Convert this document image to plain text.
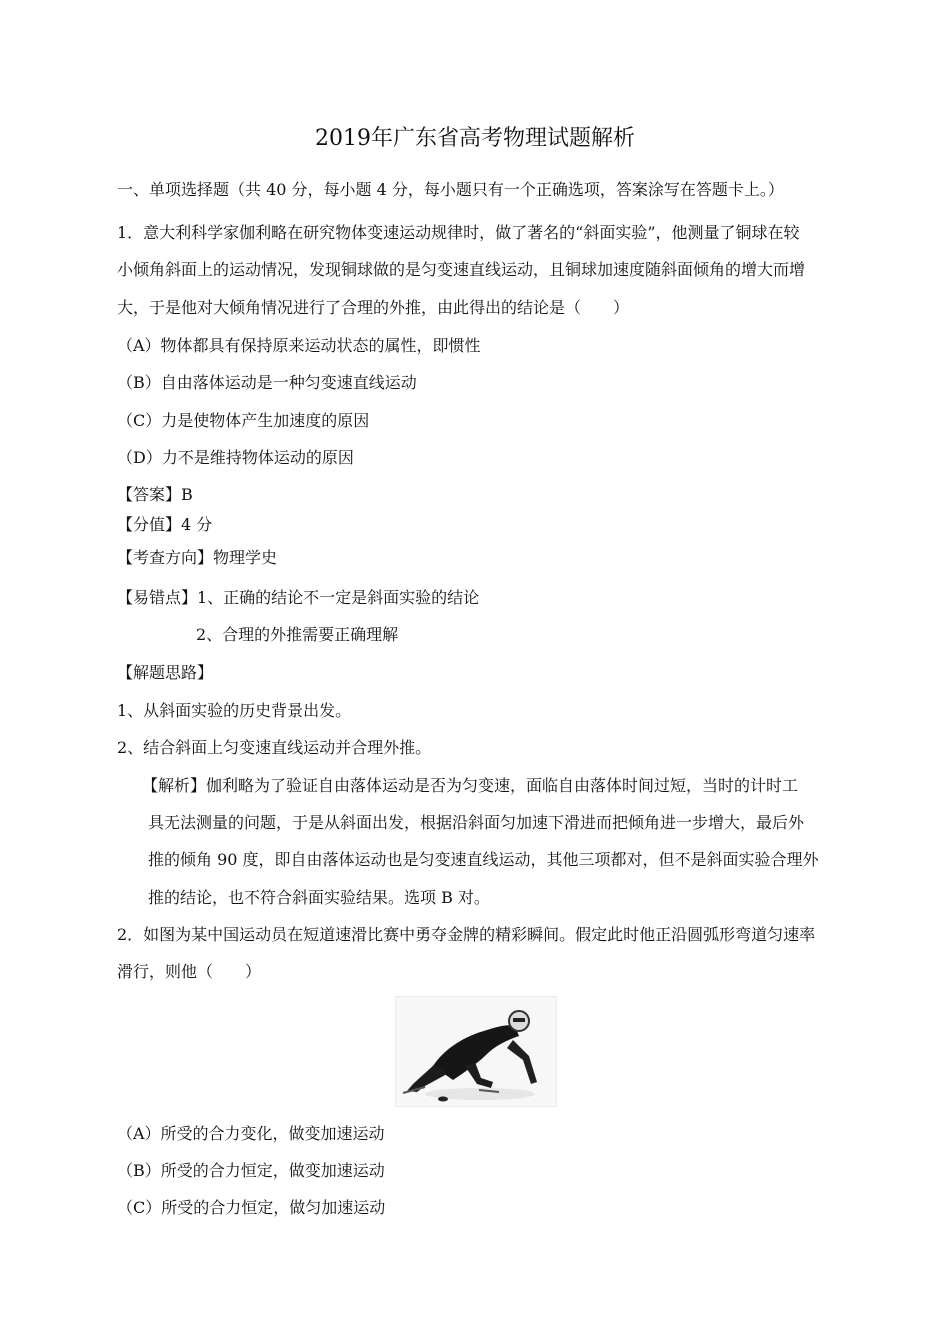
2019年广东省高考物理试题解析
一、单项选择题（共 40 分，每小题 4 分，每小题只有一个正确选项，答案涂写在答题卡上。）
1．意大利科学家伽利略在研究物体变速运动规律时，做了著名的“斜面实验”，他测量了铜球在较
小倾角斜面上的运动情况，发现铜球做的是匀变速直线运动，且铜球加速度随斜面倾角的增大而增
大，于是他对大倾角情况进行了合理的外推，由此得出的结论是（　　）
（A）物体都具有保持原来运动状态的属性，即惯性
（B）自由落体运动是一种匀变速直线运动
（C）力是使物体产生加速度的原因
（D）力不是维持物体运动的原因
【答案】B
【分值】4 分
【考查方向】物理学史
【易错点】1、正确的结论不一定是斜面实验的结论
2、合理的外推需要正确理解
【解题思路】
1、从斜面实验的历史背景出发。
2、结合斜面上匀变速直线运动并合理外推。
【解析】伽利略为了验证自由落体运动是否为匀变速，面临自由落体时间过短，当时的计时工
具无法测量的问题，于是从斜面出发，根据沿斜面匀加速下滑进而把倾角进一步增大，最后外
推的倾角 90 度，即自由落体运动也是匀变速直线运动，其他三项都对，但不是斜面实验合理外
推的结论，也不符合斜面实验结果。选项 B 对。
2．如图为某中国运动员在短道速滑比赛中勇夺金牌的精彩瞬间。假定此时他正沿圆弧形弯道匀速率
滑行，则他（　　）
（A）所受的合力变化，做变加速运动
（B）所受的合力恒定，做变加速运动
（C）所受的合力恒定，做匀加速运动
